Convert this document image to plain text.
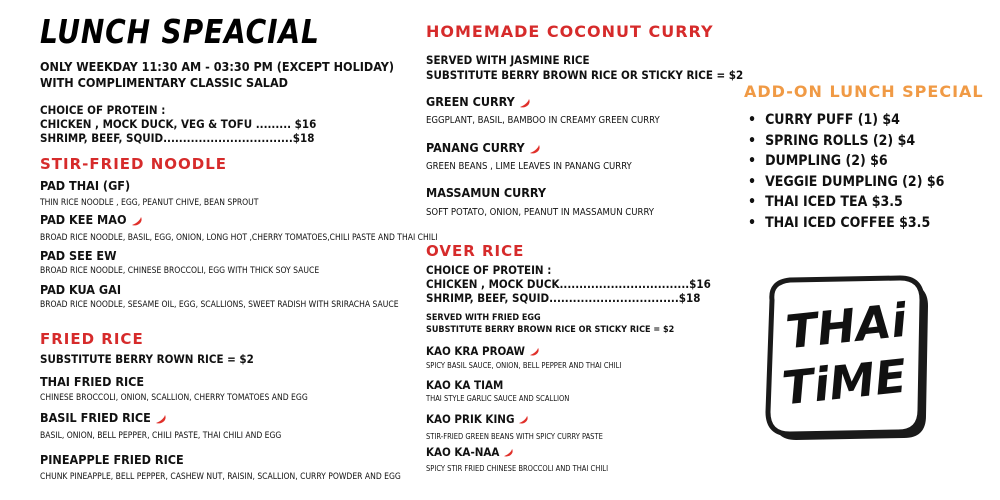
LUNCH SPEACIAL
ONLY WEEKDAY 11:30 AM - 03:30 PM (EXCEPT HOLIDAY)
WITH COMPLIMENTARY CLASSIC SALAD
CHOICE OF PROTEIN :
CHICKEN , MOCK DUCK, VEG & TOFU ......... $16
SHRIMP, BEEF, SQUID.................................$18
STIR-FRIED NOODLE
PAD THAI (GF)
THIN RICE NOODLE , EGG, PEANUT CHIVE, BEAN SPROUT
PAD KEE MAO
BROAD RICE NOODLE, BASIL, EGG, ONION, LONG HOT ,CHERRY TOMATOES,CHILI PASTE AND THAI CHILI
PAD SEE EW
BROAD RICE NOODLE, CHINESE BROCCOLI, EGG WITH THICK SOY SAUCE
PAD KUA GAI
BROAD RICE NOODLE, SESAME OIL, EGG, SCALLIONS, SWEET RADISH WITH SRIRACHA SAUCE
FRIED RICE
SUBSTITUTE BERRY ROWN RICE = $2
THAI FRIED RICE
CHINESE BROCCOLI, ONION, SCALLION, CHERRY TOMATOES AND EGG
BASIL FRIED RICE
BASIL, ONION, BELL PEPPER, CHILI PASTE, THAI CHILI AND EGG
PINEAPPLE FRIED RICE
CHUNK PINEAPPLE, BELL PEPPER, CASHEW NUT, RAISIN, SCALLION, CURRY POWDER AND EGG
HOMEMADE COCONUT CURRY
SERVED WITH JASMINE RICE
SUBSTITUTE BERRY BROWN RICE OR STICKY RICE = $2
GREEN CURRY
EGGPLANT, BASIL, BAMBOO IN CREAMY GREEN CURRY
PANANG CURRY
GREEN BEANS , LIME LEAVES IN PANANG CURRY
MASSAMUN CURRY
SOFT POTATO, ONION, PEANUT IN MASSAMUN CURRY
OVER RICE
CHOICE OF PROTEIN :
CHICKEN , MOCK DUCK.................................$16
SHRIMP, BEEF, SQUID.................................$18
SERVED WITH FRIED EGG
SUBSTITUTE BERRY BROWN RICE OR STICKY RICE = $2
KAO KRA PROAW
SPICY BASIL SAUCE, ONION, BELL PEPPER AND THAI CHILI
KAO KA TIAM
THAI STYLE GARLIC SAUCE AND SCALLION
KAO PRIK KING
STIR-FRIED GREEN BEANS WITH SPICY CURRY PASTE
KAO KA-NAA
SPICY STIR FRIED CHINESE BROCCOLI AND THAI CHILI
ADD-ON LUNCH SPECIAL
• CURRY PUFF (1) $4
• SPRING ROLLS (2) $4
• DUMPLING (2) $6
• VEGGIE DUMPLING (2) $6
• THAI ICED TEA $3.5
• THAI ICED COFFEE $3.5
THAi
TiME
